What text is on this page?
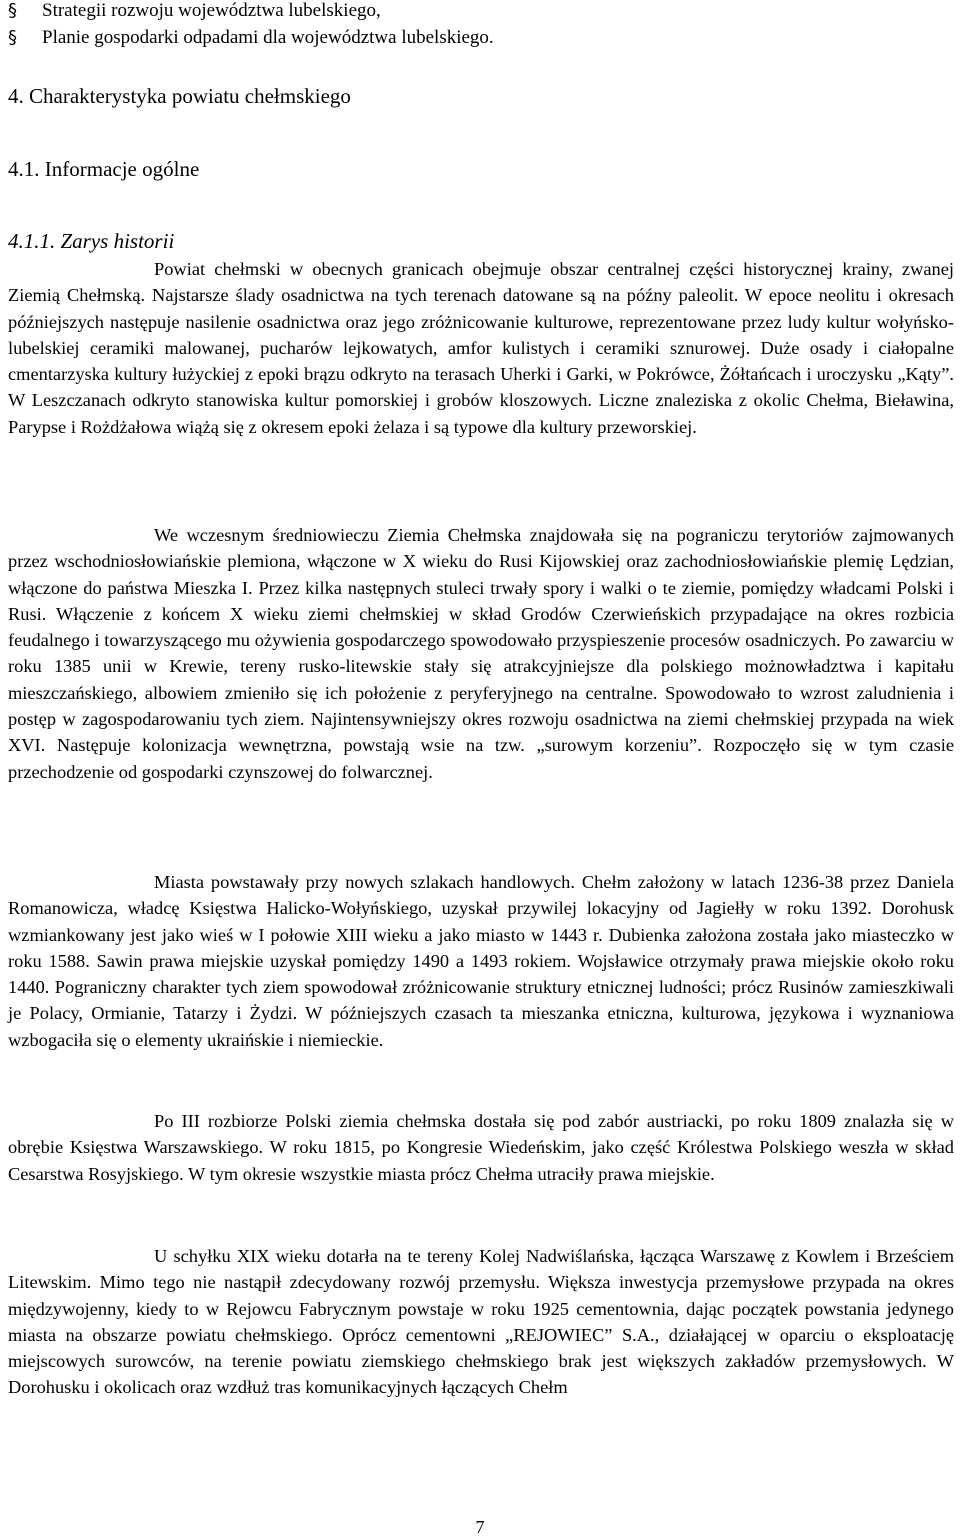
§	Strategii rozwoju województwa lubelskiego,
§	Planie gospodarki odpadami dla województwa lubelskiego.
4. Charakterystyka powiatu chełmskiego
4.1. Informacje ogólne
4.1.1. Zarys historii

Powiat chełmski w obecnych granicach obejmuje obszar centralnej części historycznej krainy, zwanej Ziemią Chełmską. Najstarsze ślady osadnictwa na tych terenach datowane są na późny paleolit. W epoce neolitu i okresach późniejszych następuje nasilenie osadnictwa oraz jego zróżnicowanie kulturowe, reprezentowane przez ludy kultur wołyńsko-lubelskiej ceramiki malowanej, pucharów lejkowatych, amfor kulistych i ceramiki sznurowej. Duże osady i ciałopalne cmentarzyska kultury łużyckiej z epoki brązu odkryto na terasach Uherki i Garki, w Pokrówce, Żółtańcach i uroczysku „Kąty”. W Leszczanach odkryto stanowiska kultur pomorskiej i grobów kloszowych. Liczne znaleziska z okolic Chełma, Bieławina, Parypse i Rożdżałowa wiążą się z okresem epoki żelaza i są typowe dla kultury przeworskiej.

We wczesnym średniowieczu Ziemia Chełmska znajdowała się na pograniczu terytoriów zajmowanych przez wschodniosłowiańskie plemiona, włączone w X wieku do Rusi Kijowskiej oraz zachodniosłowiańskie plemię Lędzian, włączone do państwa Mieszka I. Przez kilka następnych stuleci trwały spory i walki o te ziemie, pomiędzy władcami Polski i Rusi. Włączenie z końcem X wieku ziemi chełmskiej w skład Grodów Czerwieńskich przypadające na okres rozbicia feudalnego i towarzyszącego mu ożywienia gospodarczego spowodowało przyspieszenie procesów osadniczych. Po zawarciu w roku 1385 unii w Krewie, tereny rusko-litewskie stały się atrakcyjniejsze dla polskiego możnowładztwa i kapitału mieszczańskiego, albowiem zmieniło się ich położenie z peryferyjnego na centralne. Spowodowało to wzrost zaludnienia i postęp w zagospodarowaniu tych ziem. Najintensywniejszy okres rozwoju osadnictwa na ziemi chełmskiej przypada na wiek XVI. Następuje kolonizacja wewnętrzna, powstają wsie na tzw. „surowym korzeniu”. Rozpoczęło się w tym czasie przechodzenie od gospodarki czynszowej do folwarcznej.

Miasta powstawały przy nowych szlakach handlowych. Chełm założony w latach 1236-38 przez Daniela Romanowicza, władcę Księstwa Halicko-Wołyńskiego, uzyskał przywilej lokacyjny od Jagiełły w roku 1392. Dorohusk wzmiankowany jest jako wieś w I połowie XIII wieku a jako miasto w 1443 r. Dubienka założona została jako miasteczko w roku 1588. Sawin prawa miejskie uzyskał pomiędzy 1490 a 1493 rokiem. Wojsławice otrzymały prawa miejskie około roku 1440. Pograniczny charakter tych ziem spowodował zróżnicowanie struktury etnicznej ludności; prócz Rusinów zamieszkiwali je Polacy, Ormianie, Tatarzy i Żydzi. W późniejszych czasach ta mieszanka etniczna, kulturowa, językowa i wyznaniowa wzbogaciła się o elementy ukraińskie i niemieckie.

Po III rozbiorze Polski ziemia chełmska dostała się pod zabór austriacki, po roku 1809 znalazła się w obrębie Księstwa Warszawskiego. W roku 1815, po Kongresie Wiedeńskim, jako część Królestwa Polskiego weszła w skład Cesarstwa Rosyjskiego. W tym okresie wszystkie miasta prócz Chełma utraciły prawa miejskie.

U schyłku XIX wieku dotarła na te tereny Kolej Nadwiślańska, łącząca Warszawę z Kowlem i Brześciem Litewskim. Mimo tego nie nastąpił zdecydowany rozwój przemysłu. Większa inwestycja przemysłowe przypada na okres międzywojenny, kiedy to w Rejowcu Fabrycznym powstaje w roku 1925 cementownia, dając początek powstania jedynego miasta na obszarze powiatu chełmskiego. Oprócz cementowni „REJOWIEC” S.A., działającej w oparciu o eksploatację miejscowych surowców, na terenie powiatu ziemskiego chełmskiego brak jest większych zakładów przemysłowych. W Dorohusku i okolicach oraz wzdłuż tras komunikacyjnych łączących Chełm

7
